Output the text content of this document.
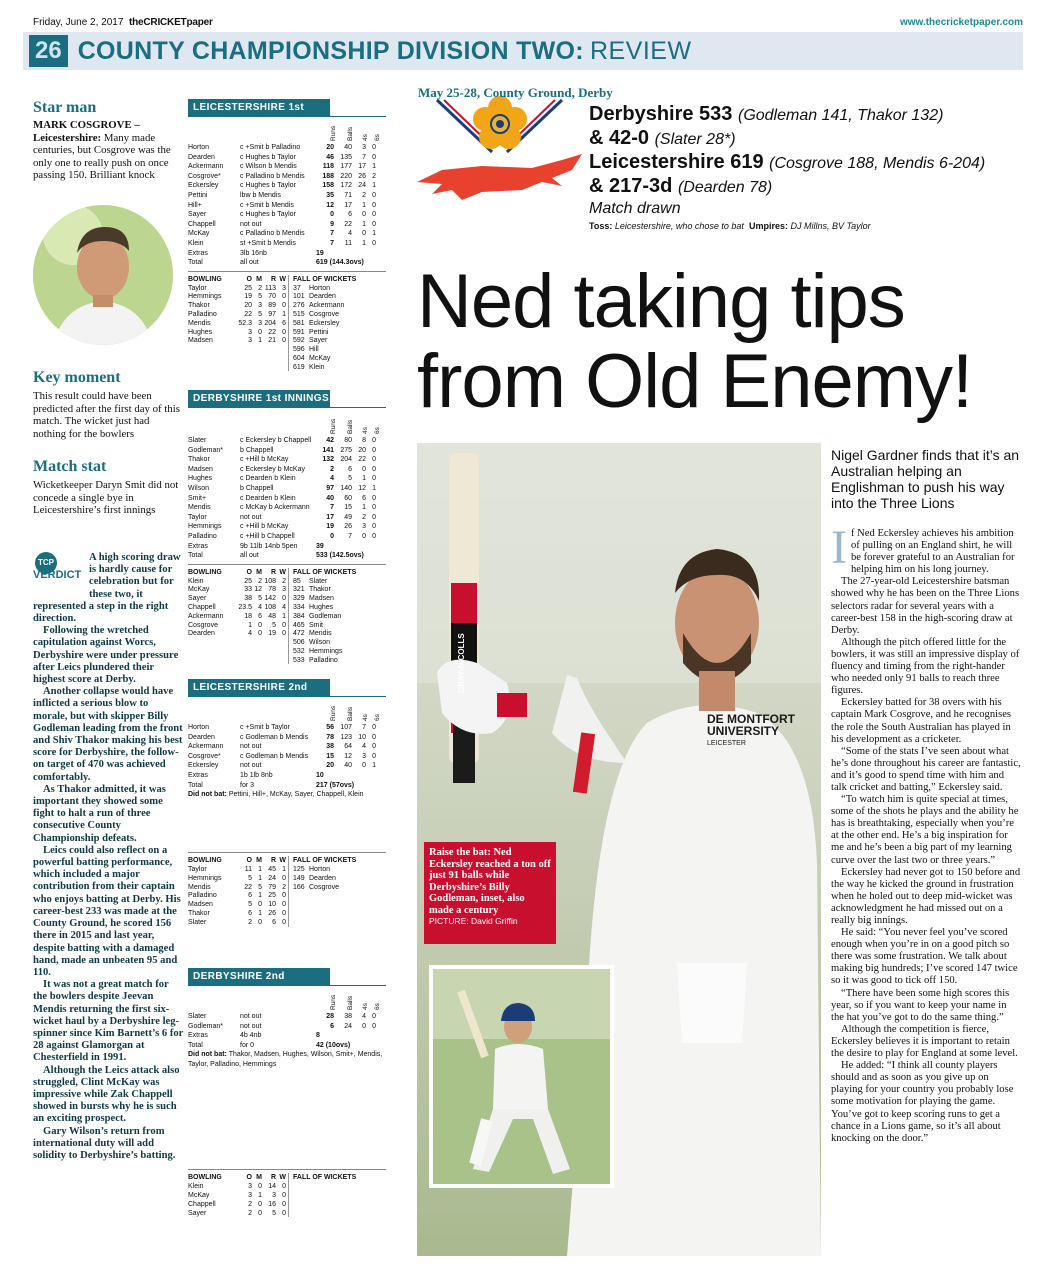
Friday, June 2, 2017 theCRICKETpaper	www.thecricketpaper.com
26 COUNTY CHAMPIONSHIP DIVISION TWO: REVIEW
Star man
MARK COSGROVE – Leicestershire: Many made centuries, but Cosgrove was the only one to really push on once passing 150. Brilliant knock
Key moment
This result could have been predicted after the first day of this match. The wicket just had nothing for the bowlers
Match stat
Wicketkeeper Daryn Smit did not concede a single bye in Leicestershire’s first innings
TCP
VERDICT

A high scoring draw is hardly cause for celebration but for these two, it represented a step in the right direction.

Following the wretched capitulation against Worcs, Derbyshire were under pressure after Leics plundered their highest score at Derby.

Another collapse would have inflicted a serious blow to morale, but with skipper Billy Godleman leading from the front and Shiv Thakor making his best score for Derbyshire, the follow-on target of 470 was achieved comfortably.

As Thakor admitted, it was important they showed some fight to halt a run of three consecutive County Championship defeats.

Leics could also reflect on a powerful batting performance, which included a major contribution from their captain who enjoys batting at Derby. His career-best 233 was made at the County Ground, he scored 156 there in 2015 and last year, despite batting with a damaged hand, made an unbeaten 95 and 110.

It was not a great match for the bowlers despite Jeevan Mendis returning the first six-wicket haul by a Derbyshire leg-spinner since Kim Barnett’s 6 for 28 against Glamorgan at Chesterfield in 1991.

Although the Leics attack also struggled, Clint McKay was impressive while Zak Chappell showed in bursts why he is such an exciting prospect.

Gary Wilson’s return from international duty will add solidity to Derbyshire’s batting.

LEICESTERSHIRE 1st INNINGS
Runs Balls 4s 6s
Horton	c +Smit b Palladino	20	40	3 0
Dearden	c Hughes b Taylor	46 135	7 0
Ackermann	c Wilson b Mendis	118 177 17 1
Cosgrove*	c Palladino b Mendis	188 220 26 2
Eckersley	c Hughes b Taylor	158 172 24 1
Pettini	lbw b Mendis	35	71	2 0
Hill+	c +Smit b Mendis	12	17	1 0
Sayer	c Hughes b Taylor	0	6	0 0
Chappell	not out	9	22	1 0
McKay	c Palladino b Mendis	7	4	0 1
Klein	st +Smit b Mendis	7	11	1 0
Extras	3lb 16nb	19
Total	all out	619 (144.3ovs)
BOWLING	O M	R W
Taylor	25 2 113 3
Hemmings	19 5 70 0
Thakor	20 3 89 0
Palladino	22 5 97 1
Mendis	52.3 3 204 6
Hughes	3 0 22 0
Madsen	3 1 21 0
FALL OF WICKETS
37	Horton
101 Dearden
276 Ackermann
515 Cosgrove
581 Eckersley
591 Pettini
592 Sayer
596 Hill
604 McKay
619 Klein
DERBYSHIRE 1st INNINGS
Runs Balls 4s 6s
Slater	c Eckersley b Chappell	42	80	8 0
Godleman*	b Chappell	141 275 20 0
Thakor	c +Hill b McKay	132 204 22 0
Madsen	c Eckersley b McKay	2	6	0 0
Hughes	c Dearden b Klein	4	5	1 0
Wilson	b Chappell	97 140 12 1
Smit+	c Dearden b Klein	40	60	6 0
Mendis	c McKay b Ackermann	7	15	1 0
Taylor	not out	17	49	2 0
Hemmings	c +Hill b McKay	19	26	3 0
Palladino	c +Hill b Chappell	0	7	0 0
Extras	9b 11lb 14nb 5pen	39
Total	all out	533 (142.5ovs)
BOWLING	O M	R W
Klein	25 2 108 2
McKay	33 12 78 3
Sayer	38 5 142 0
Chappell	23.5 4 108 4
Ackermann	18 6 48 1
Cosgrove	1 0	5 0
Dearden	4 0 19 0
FALL OF WICKETS
85	Slater
321 Thakor
329 Madsen
334 Hughes
384 Godleman
465 Smit
472 Mendis
506 Wilson
532 Hemmings
533 Palladino
LEICESTERSHIRE 2nd INNINGS
Runs Balls 4s 6s
Horton	c +Smit b Taylor	56 107	7 0
Dearden	c Godleman b Mendis	78 123 10 0
Ackermann	not out	38	64	4 0
Cosgrove*	c Godleman b Mendis	15	12	3 0
Eckersley	not out	20	40	0 1
Extras	1b 1lb 8nb	10
Total	for 3	217 (57ovs)
Did not bat: Pettini, Hill+, McKay, Sayer, Chappell, Klein
BOWLING	O M	R W
Taylor	11 1 45 1
Hemmings	5 1 24 0
Mendis	22 5 79 2
Palladino	6 1 25 0
Madsen	5 0 10 0
Thakor	6 1 26 0
Slater	2 0	6 0
FALL OF WICKETS
125 Horton
149 Dearden
166 Cosgrove
DERBYSHIRE 2nd INNINGS
Runs Balls 4s 6s
Slater	not out	28	38	4 0
Godleman*	not out	6	24	0 0
Extras	4b 4nb	8
Total	for 0	42 (10ovs)
Did not bat: Thakor, Madsen, Hughes, Wilson, Smit+, Mendis, Taylor, Palladino, Hemmings
BOWLING	O M	R W
Klein	3 0 14 0
McKay	3 1	3 0
Chappell	2 0 16 0
Sayer	2 0	5 0
FALL OF WICKETS
May 25-28, County Ground, Derby
Derbyshire 533 (Godleman 141, Thakor 132)
& 42-0 (Slater 28*)
Leicestershire 619 (Cosgrove 188, Mendis 6-204)
& 217-3d (Dearden 78)
Match drawn
Toss: Leicestershire, who chose to bat Umpires: DJ Millns, BV Taylor
Ned taking tips
from Old Enemy!
GRAY-NICOLLS
DE MONTFORT UNIVERSITY
LEICESTER
Raise the bat: Ned Eckersley reached a ton off just 91 balls while Derbyshire’s Billy Godleman, inset, also made a century
PICTURE: David Griffin
Nigel Gardner finds that it’s an Australian helping an Englishman to push his way into the Three Lions
I f Ned Eckersley achieves his ambition of pulling on an England shirt, he will be forever grateful to an Australian for helping him on his long journey.

The 27-year-old Leicestershire batsman showed why he has been on the Three Lions selectors radar for several years with a career-best 158 in the high-scoring draw at Derby.

Although the pitch offered little for the bowlers, it was still an impressive display of fluency and timing from the right-hander who needed only 91 balls to reach three figures.

Eckersley batted for 38 overs with his captain Mark Cosgrove, and he recognises the role the South Australian has played in his development as a cricketer.

“Some of the stats I’ve seen about what he’s done throughout his career are fantastic, and it’s good to spend time with him and talk cricket and batting,” Eckersley said.

“To watch him is quite special at times, some of the shots he plays and the ability he has is breathtaking, especially when you’re at the other end. He’s a big inspiration for me and he’s been a big part of my learning curve over the last two or three years.”

Eckersley had never got to 150 before and the way he kicked the ground in frustration when he holed out to deep mid-wicket was acknowledgment he had missed out on a really big innings.

He said: “You never feel you’ve scored enough when you’re in on a good pitch so there was some frustration. We talk about making big hundreds; I’ve scored 147 twice so it was good to tick off 150.

“There have been some high scores this year, so if you want to keep your name in the hat you’ve got to do the same thing.”

Although the competition is fierce, Eckersley believes it is important to retain the desire to play for England at some level.

He added: “I think all county players should and as soon as you give up on playing for your country you probably lose some motivation for playing the game. You’ve got to keep scoring runs to get a chance in a Lions game, so it’s all about knocking on the door.”
